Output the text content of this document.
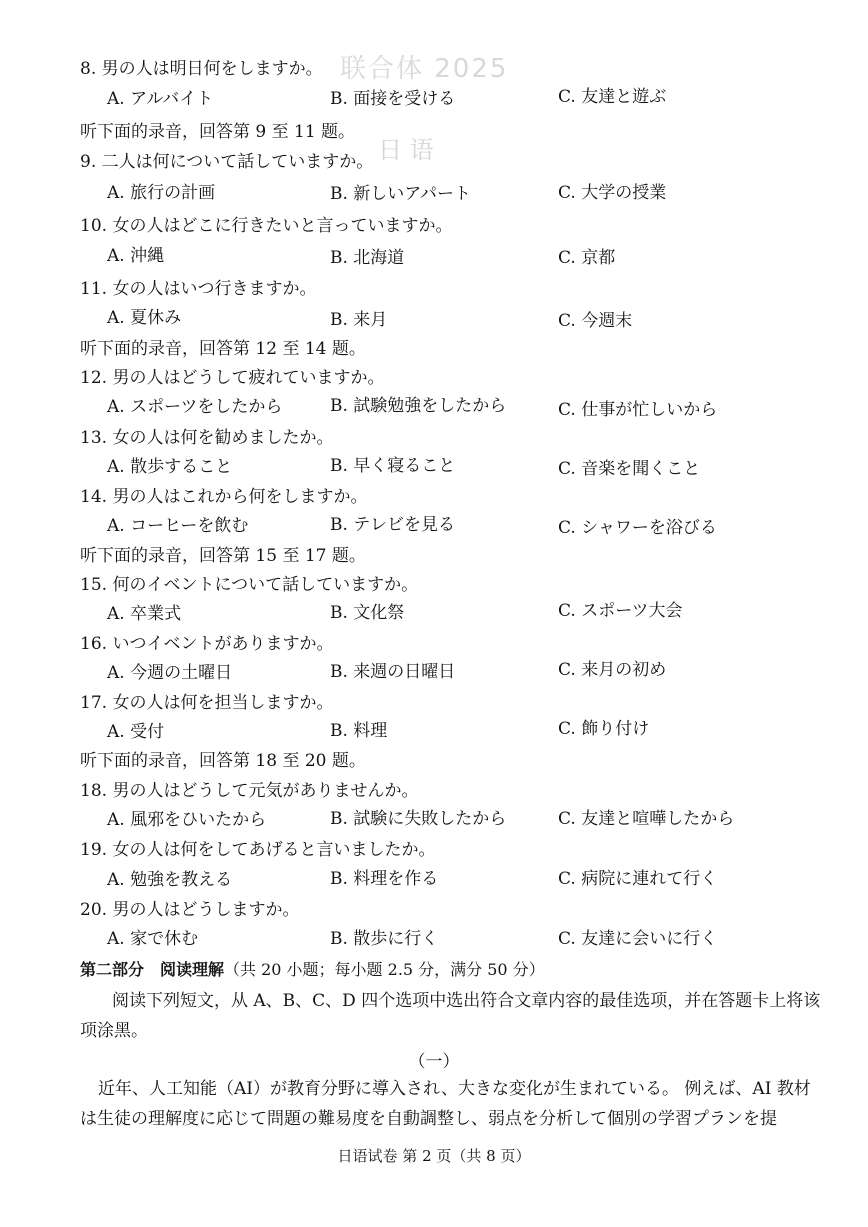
联合体 2025
日 语
8. 男の人は明日何をしますか。
A. アルバイト	B. 面接を受ける	C. 友達と遊ぶ
听下面的录音，回答第 9 至 11 题。
9. 二人は何について話していますか。
A. 旅行の計画	B. 新しいアパート	C. 大学の授業
10. 女の人はどこに行きたいと言っていますか。
A. 沖縄	B. 北海道	C. 京都
11. 女の人はいつ行きますか。
A. 夏休み	B. 来月	C. 今週末
听下面的录音，回答第 12 至 14 题。
12. 男の人はどうして疲れていますか。
A. スポーツをしたから	B. 試験勉強をしたから	C. 仕事が忙しいから
13. 女の人は何を勧めましたか。
A. 散歩すること	B. 早く寝ること	C. 音楽を聞くこと
14. 男の人はこれから何をしますか。
A. コーヒーを飲む	B. テレビを見る	C. シャワーを浴びる
听下面的录音，回答第 15 至 17 题。
15. 何のイベントについて話していますか。
A. 卒業式	B. 文化祭	C. スポーツ大会
16. いつイベントがありますか。
A. 今週の土曜日	B. 来週の日曜日	C. 来月の初め
17. 女の人は何を担当しますか。
A. 受付	B. 料理	C. 飾り付け
听下面的录音，回答第 18 至 20 题。
18. 男の人はどうして元気がありませんか。
A. 風邪をひいたから	B. 試験に失敗したから	C. 友達と喧嘩したから
19. 女の人は何をしてあげると言いましたか。
A. 勉強を教える	B. 料理を作る	C. 病院に連れて行く
20. 男の人はどうしますか。
A. 家で休む	B. 散歩に行く	C. 友達に会いに行く
第二部分　阅读理解（共 20 小题；每小题 2.5 分，满分 50 分）
阅读下列短文，从 A、B、C、D 四个选项中选出符合文章内容的最佳选项，并在答题卡上将该
项涂黑。
（一）
近年、人工知能（AI）が教育分野に導入され、大きな変化が生まれている。 例えば、AI 教材
は生徒の理解度に応じて問題の難易度を自動調整し、弱点を分析して個別の学習プランを提
日语试卷 第 2 页（共 8 页）
